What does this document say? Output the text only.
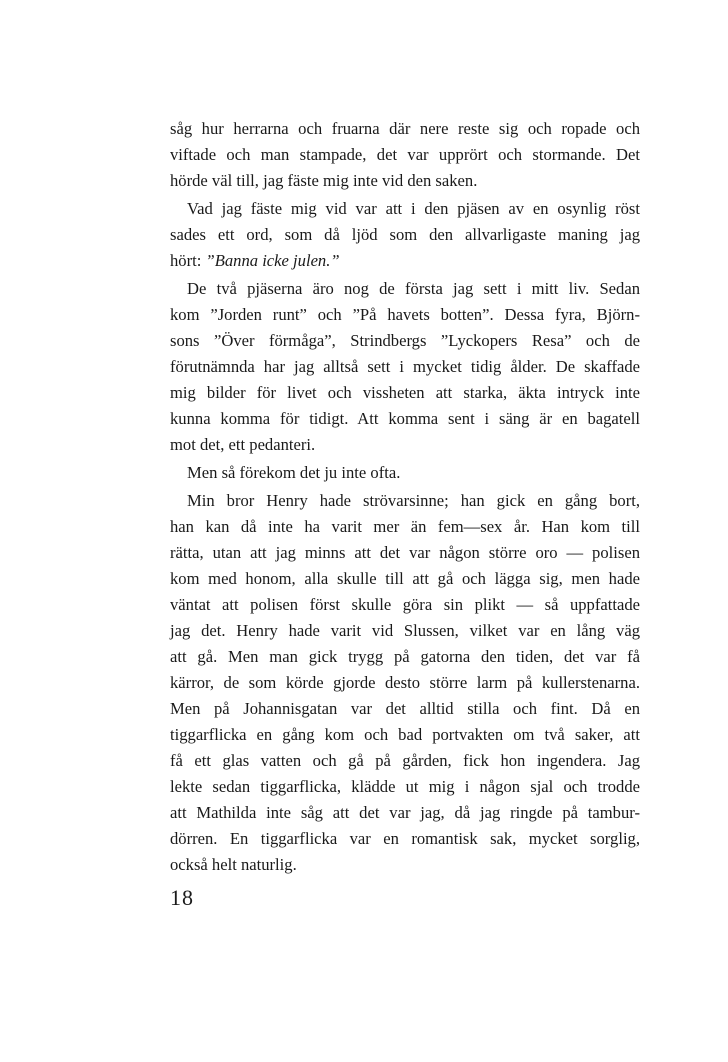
såg hur herrarna och fruarna där nere reste sig och ropade och
viftade och man stampade, det var upprört och stormande. Det
hörde väl till, jag fäste mig inte vid den saken.
Vad jag fäste mig vid var att i den pjäsen av en osynlig röst
sades ett ord, som då ljöd som den allvarligaste maning jag
hört: ”Banna icke julen.”
De två pjäserna äro nog de första jag sett i mitt liv. Sedan
kom ”Jorden runt” och ”På havets botten”. Dessa fyra, Björn-
sons ”Över förmåga”, Strindbergs ”Lyckopers Resa” och de
förutnämnda har jag alltså sett i mycket tidig ålder. De skaffade
mig bilder för livet och vissheten att starka, äkta intryck inte
kunna komma för tidigt. Att komma sent i säng är en bagatell
mot det, ett pedanteri.
Men så förekom det ju inte ofta.
Min bror Henry hade strövarsinne; han gick en gång bort,
han kan då inte ha varit mer än fem—sex år. Han kom till
rätta, utan att jag minns att det var någon större oro — polisen
kom med honom, alla skulle till att gå och lägga sig, men hade
väntat att polisen först skulle göra sin plikt — så uppfattade
jag det. Henry hade varit vid Slussen, vilket var en lång väg
att gå. Men man gick trygg på gatorna den tiden, det var få
kärror, de som körde gjorde desto större larm på kullerstenarna.
Men på Johannisgatan var det alltid stilla och fint. Då en
tiggarflicka en gång kom och bad portvakten om två saker, att
få ett glas vatten och gå på gården, fick hon ingendera. Jag
lekte sedan tiggarflicka, klädde ut mig i någon sjal och trodde
att Mathilda inte såg att det var jag, då jag ringde på tambur-
dörren. En tiggarflicka var en romantisk sak, mycket sorglig,
också helt naturlig.
18
